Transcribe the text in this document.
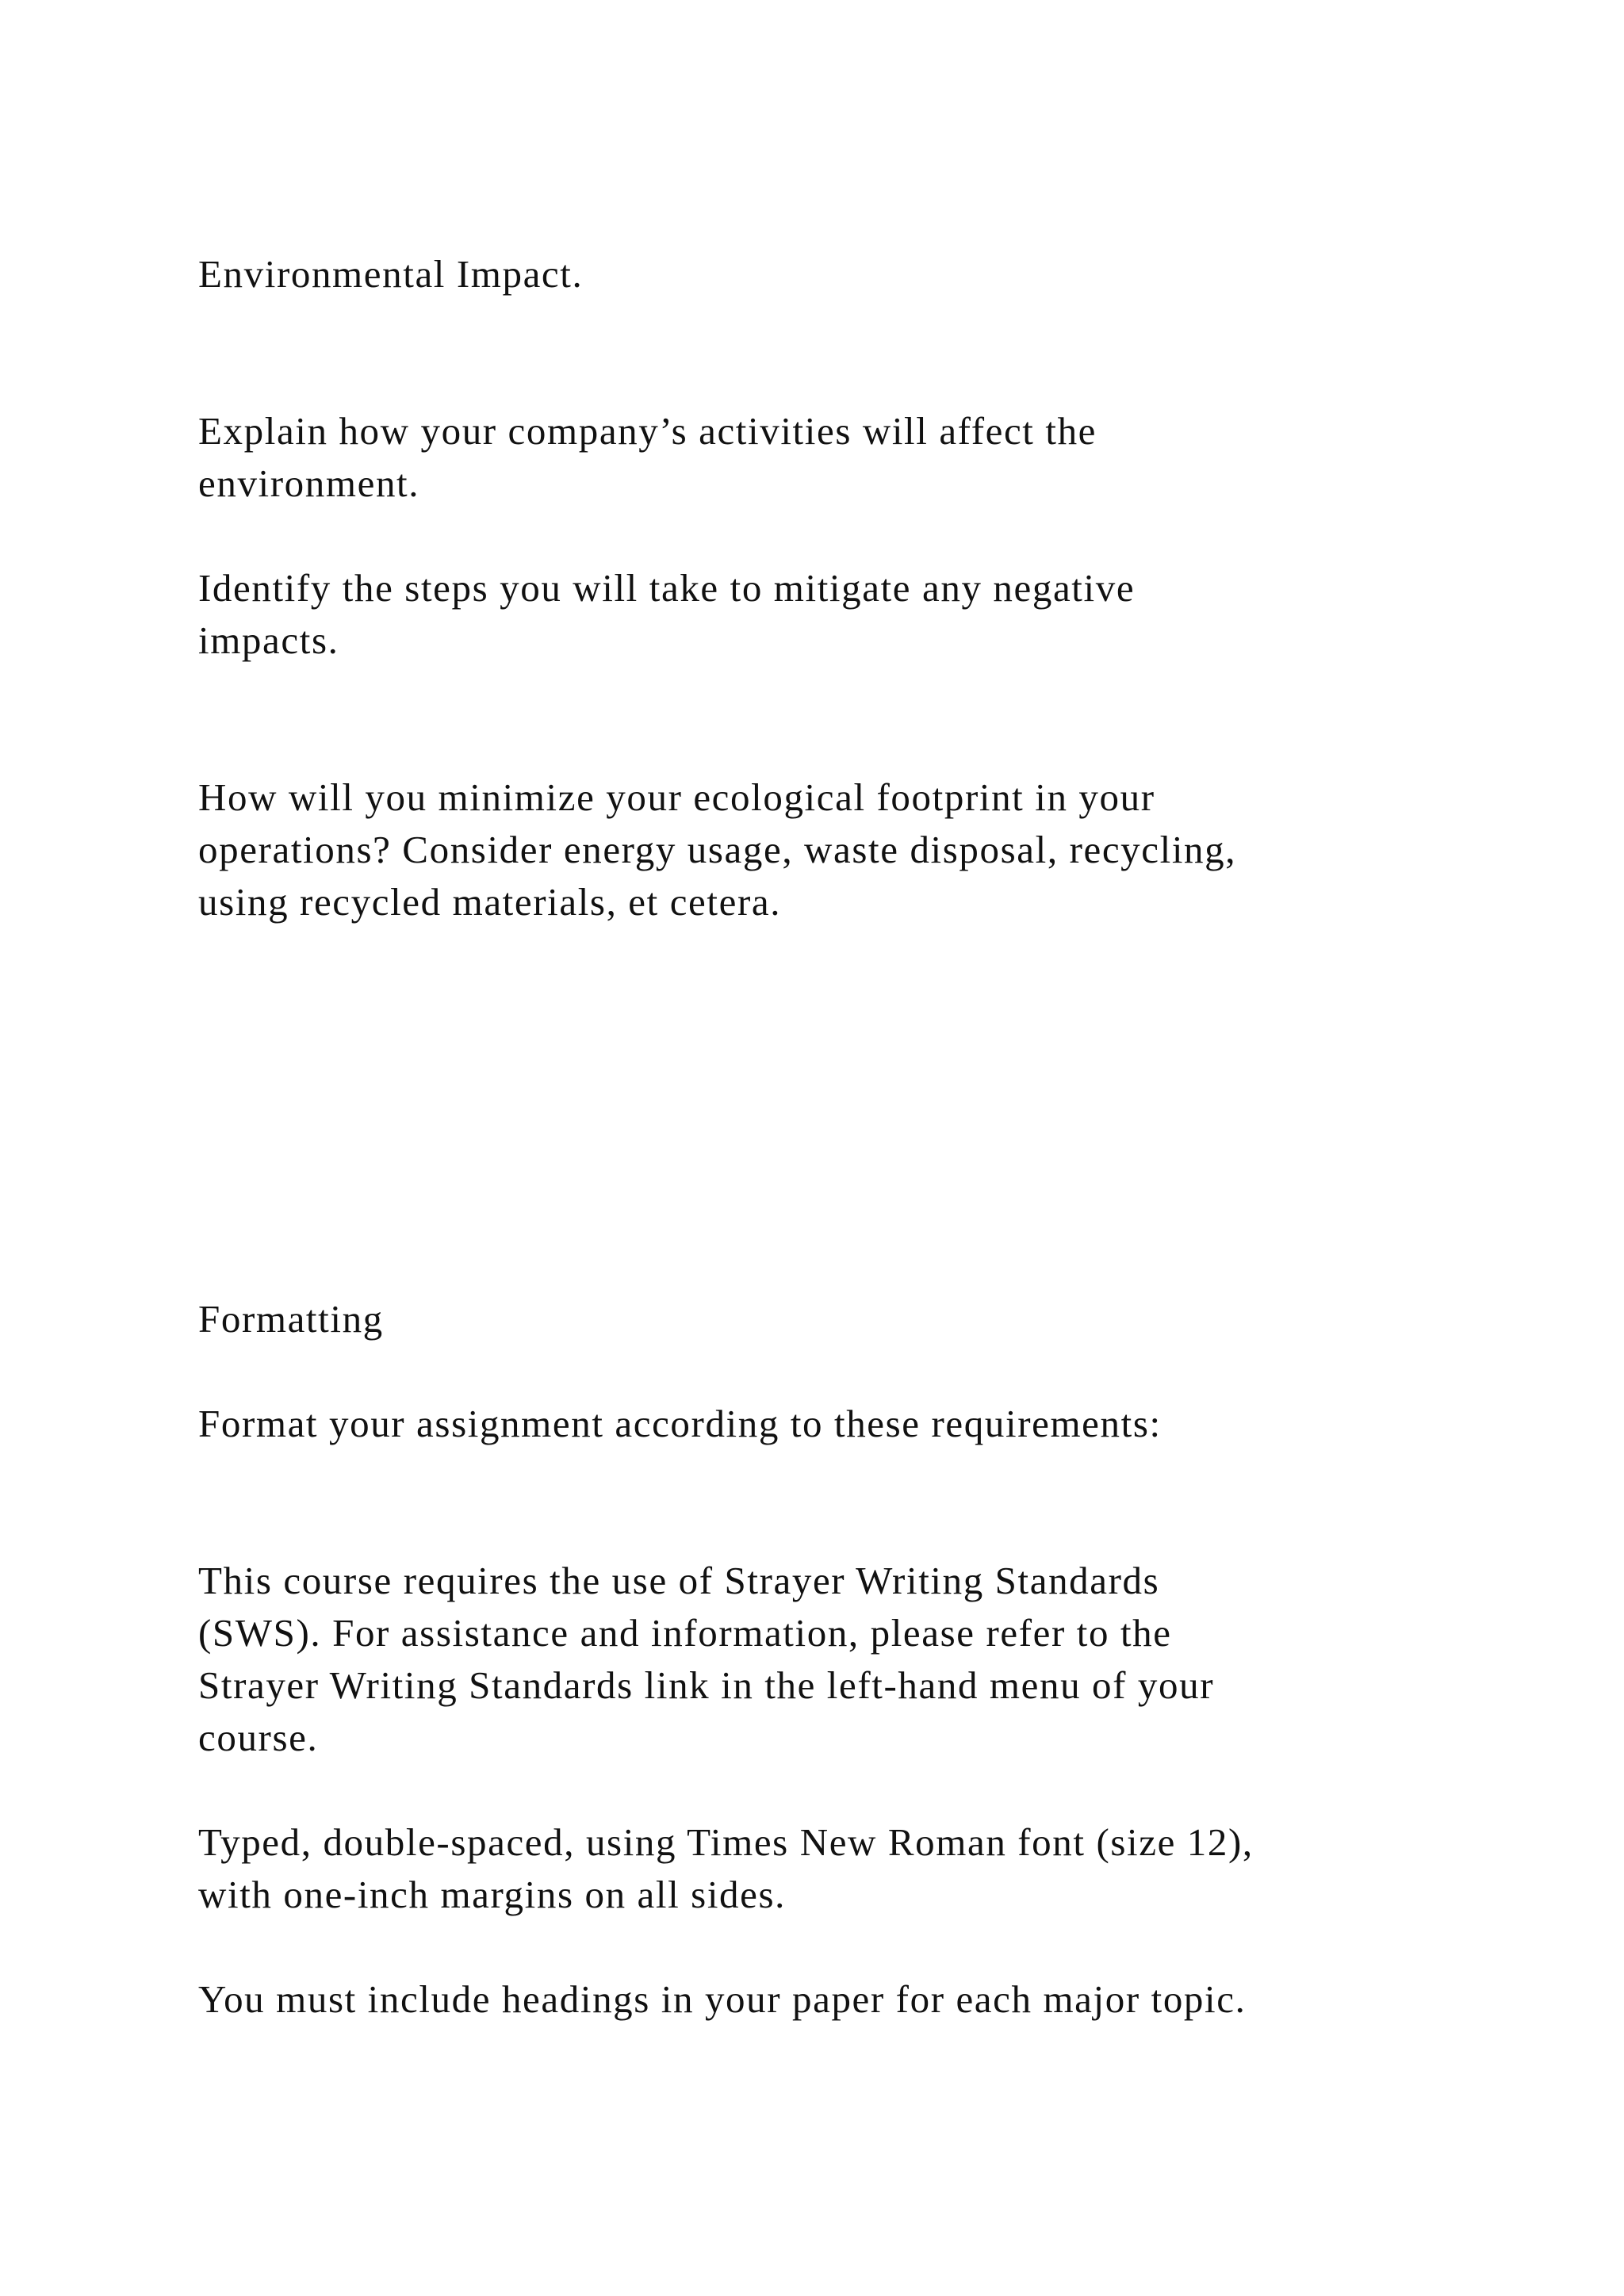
Environmental Impact.

Explain how your company’s activities will affect the

environment.

Identify the steps you will take to mitigate any negative

impacts.

How will you minimize your ecological footprint in your

operations? Consider energy usage, waste disposal, recycling,

using recycled materials, et cetera.

Formatting

Format your assignment according to these requirements:

This course requires the use of Strayer Writing Standards

(SWS). For assistance and information, please refer to the

Strayer Writing Standards link in the left-hand menu of your

course.

Typed, double-spaced, using Times New Roman font (size 12),

with one-inch margins on all sides.

You must include headings in your paper for each major topic.
